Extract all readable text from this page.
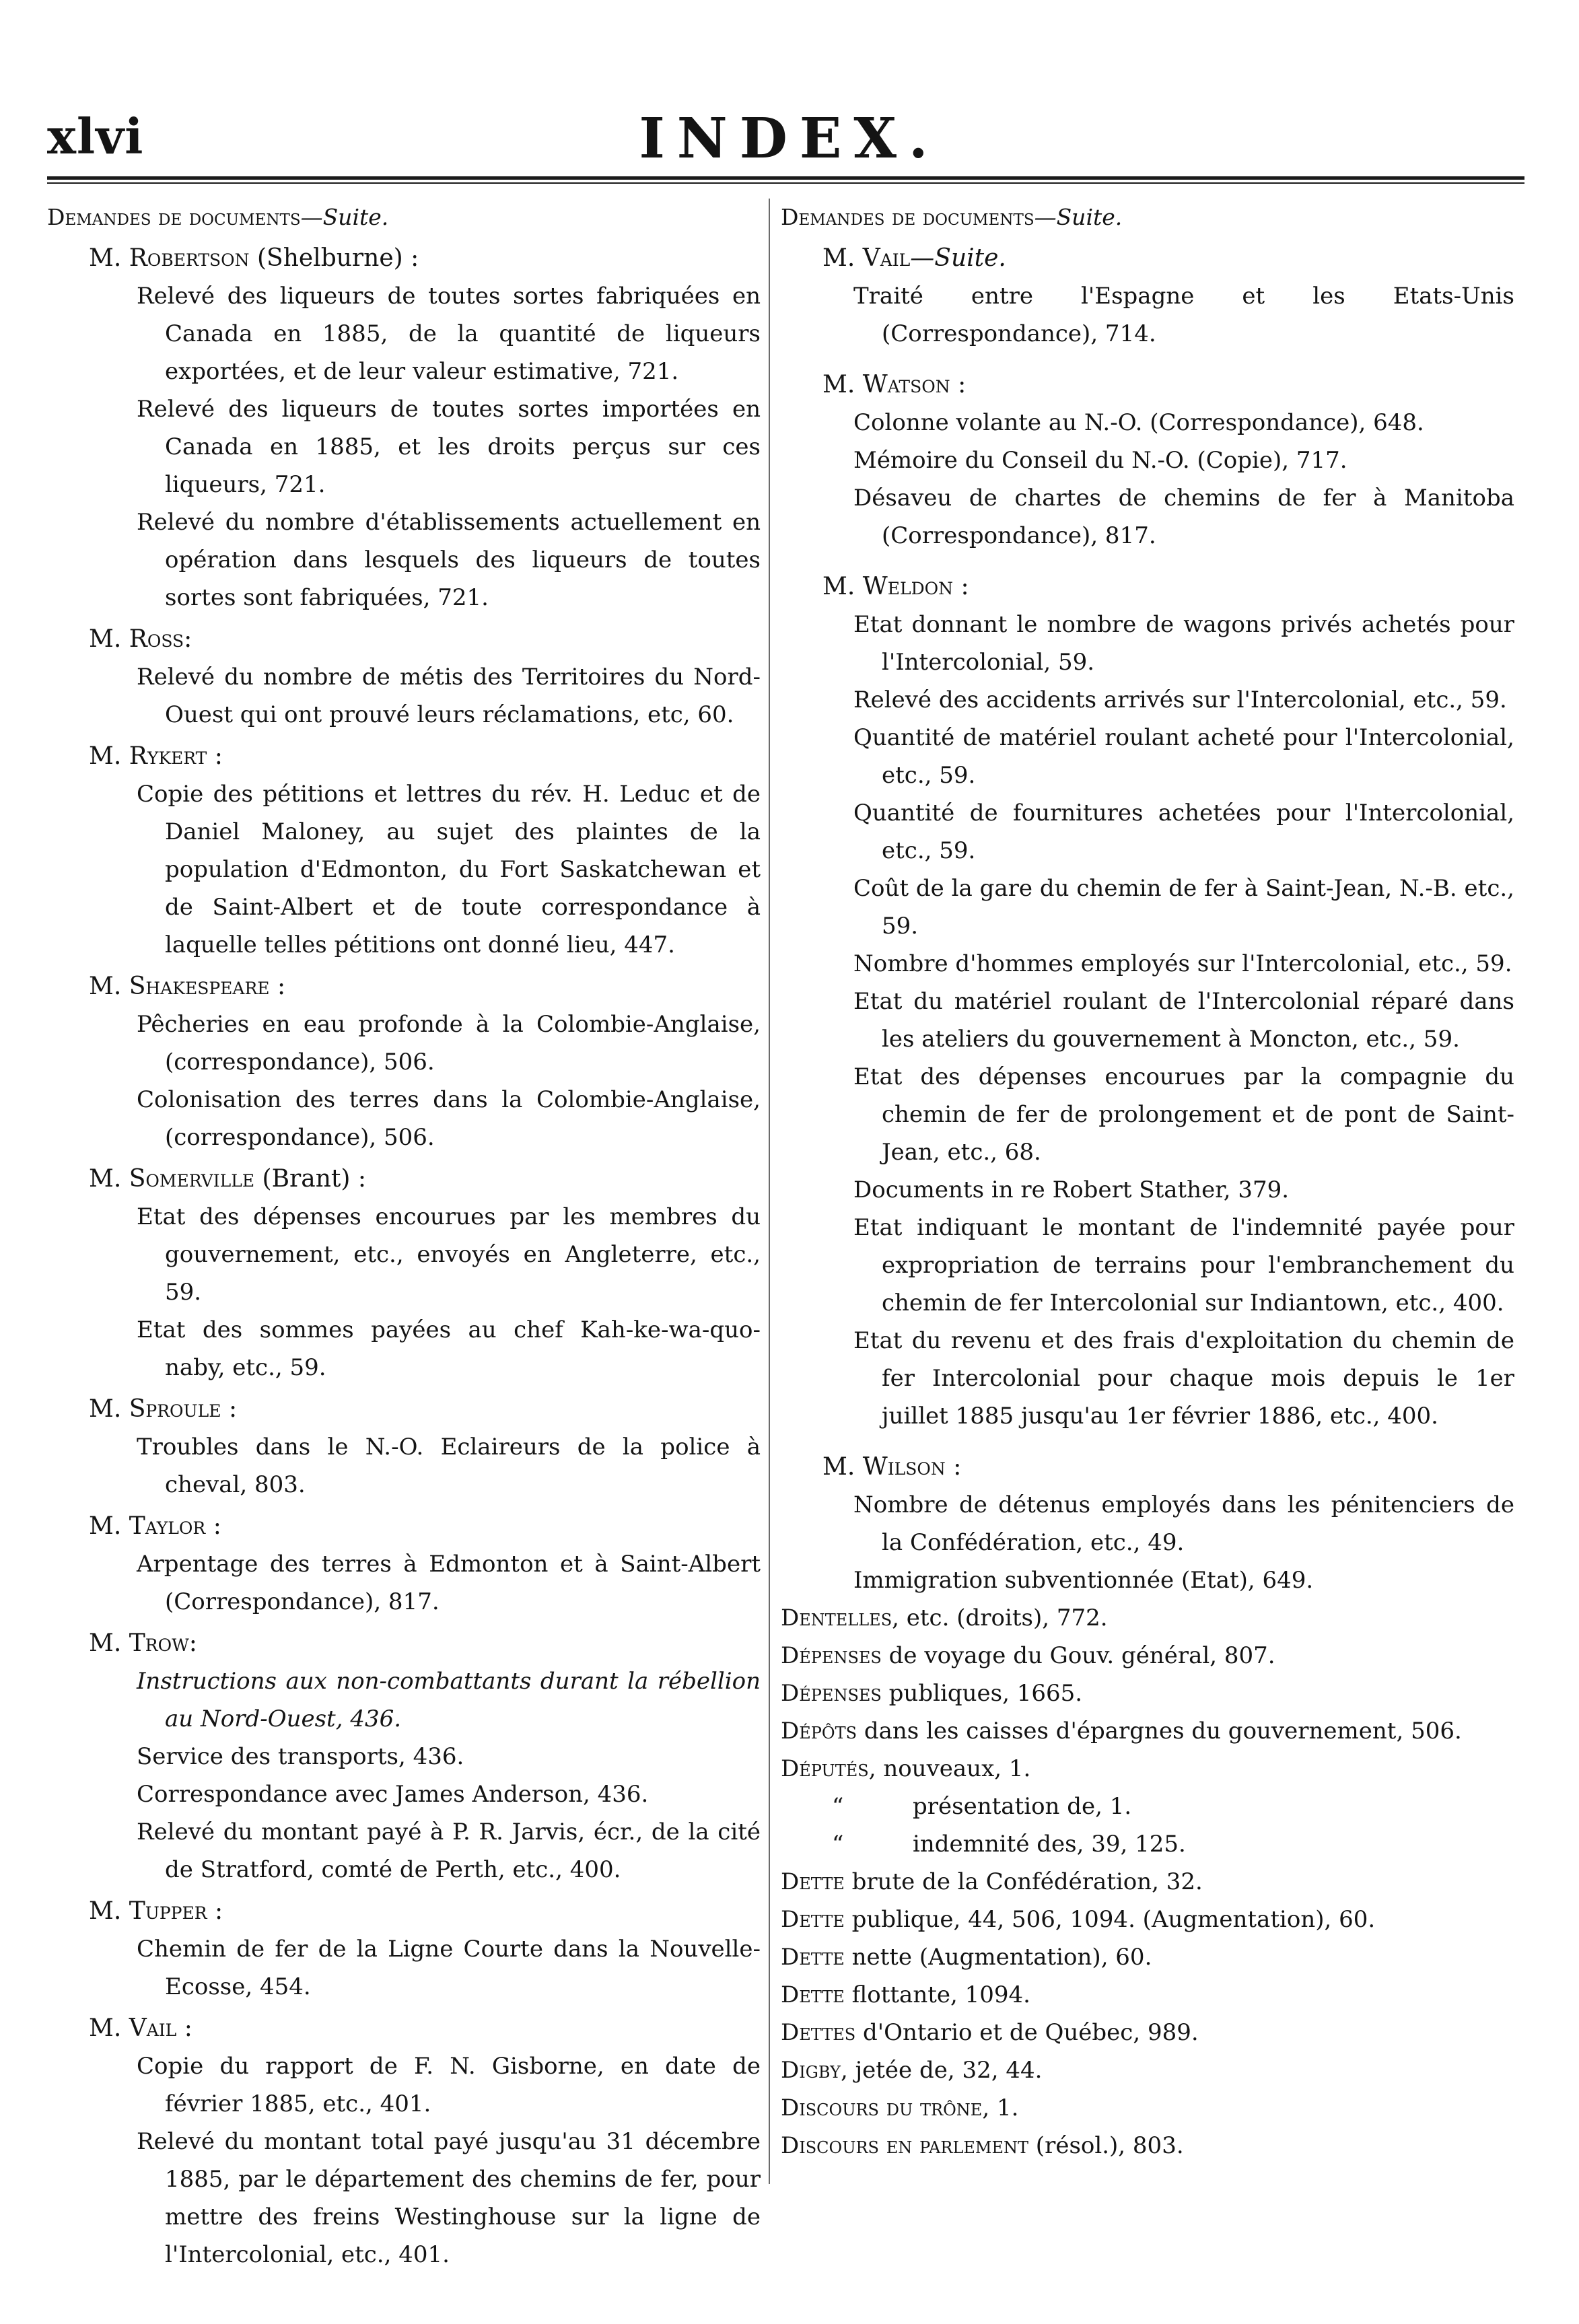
xlvi	INDEX.
Demandes de documents—Suite.
M. Robertson (Shelburne) :
Relevé des liqueurs de toutes sortes fabriquées en Canada en 1885, de la quantité de liqueurs exportées, et de leur valeur estimative, 721.
Relevé des liqueurs de toutes sortes importées en Canada en 1885, et les droits perçus sur ces liqueurs, 721.
Relevé du nombre d'établissements actuellement en opération dans lesquels des liqueurs de toutes sortes sont fabriquées, 721.
M. Ross:
Relevé du nombre de métis des Territoires du Nord-Ouest qui ont prouvé leurs réclamations, etc, 60.
M. Rykert :
Copie des pétitions et lettres du rév. H. Leduc et de Daniel Maloney, au sujet des plaintes de la population d'Edmonton, du Fort Saskatchewan et de Saint-Albert et de toute correspondance à laquelle telles pétitions ont donné lieu, 447.
M. Shakespeare :
Pêcheries en eau profonde à la Colombie-Anglaise, (correspondance), 506.
Colonisation des terres dans la Colombie-Anglaise, (correspondance), 506.
M. Somerville (Brant) :
Etat des dépenses encourues par les membres du gouvernement, etc., envoyés en Angleterre, etc., 59.
Etat des sommes payées au chef Kah-ke-wa-quo-naby, etc., 59.
M. Sproule :
Troubles dans le N.-O. Eclaireurs de la police à cheval, 803.
M. Taylor :
Arpentage des terres à Edmonton et à Saint-Albert (Correspondance), 817.
M. Trow:
Instructions aux non-combattants durant la rébellion au Nord-Ouest, 436.
Service des transports, 436.
Correspondance avec James Anderson, 436.
Relevé du montant payé à P. R. Jarvis, écr., de la cité de Stratford, comté de Perth, etc., 400.
M. Tupper :
Chemin de fer de la Ligne Courte dans la Nouvelle-Ecosse, 454.
M. Vail :
Copie du rapport de F. N. Gisborne, en date de février 1885, etc., 401.
Relevé du montant total payé jusqu'au 31 décembre 1885, par le département des chemins de fer, pour mettre des freins Westinghouse sur la ligne de l'Intercolonial, etc., 401.
Demandes de documents—Suite.
M. Vail—Suite.
Traité entre l'Espagne et les Etats-Unis (Correspondance), 714.
M. Watson :
Colonne volante au N.-O. (Correspondance), 648.
Mémoire du Conseil du N.-O. (Copie), 717.
Désaveu de chartes de chemins de fer à Manitoba (Correspondance), 817.
M. Weldon :
Etat donnant le nombre de wagons privés achetés pour l'Intercolonial, 59.
Relevé des accidents arrivés sur l'Intercolonial, etc., 59.
Quantité de matériel roulant acheté pour l'Intercolonial, etc., 59.
Quantité de fournitures achetées pour l'Intercolonial, etc., 59.
Coût de la gare du chemin de fer à Saint-Jean, N.-B. etc., 59.
Nombre d'hommes employés sur l'Intercolonial, etc., 59.
Etat du matériel roulant de l'Intercolonial réparé dans les ateliers du gouvernement à Moncton, etc., 59.
Etat des dépenses encourues par la compagnie du chemin de fer de prolongement et de pont de Saint-Jean, etc., 68.
Documents in re Robert Stather, 379.
Etat indiquant le montant de l'indemnité payée pour expropriation de terrains pour l'embranchement du chemin de fer Intercolonial sur Indiantown, etc., 400.
Etat du revenu et des frais d'exploitation du chemin de fer Intercolonial pour chaque mois depuis le 1er juillet 1885 jusqu'au 1er février 1886, etc., 400.
M. Wilson :
Nombre de détenus employés dans les pénitenciers de la Confédération, etc., 49.
Immigration subventionnée (Etat), 649.
Dentelles, etc. (droits), 772.
Dépenses de voyage du Gouv. général, 807.
Dépenses publiques, 1665.
Dépôts dans les caisses d'épargnes du gouvernement, 506.
Députés, nouveaux, 1.
“	présentation de, 1.
“	indemnité des, 39, 125.
Dette brute de la Confédération, 32.
Dette publique, 44, 506, 1094. (Augmentation), 60.
Dette nette (Augmentation), 60.
Dette flottante, 1094.
Dettes d'Ontario et de Québec, 989.
Digby, jetée de, 32, 44.
Discours du trône, 1.
Discours en parlement (résol.), 803.
